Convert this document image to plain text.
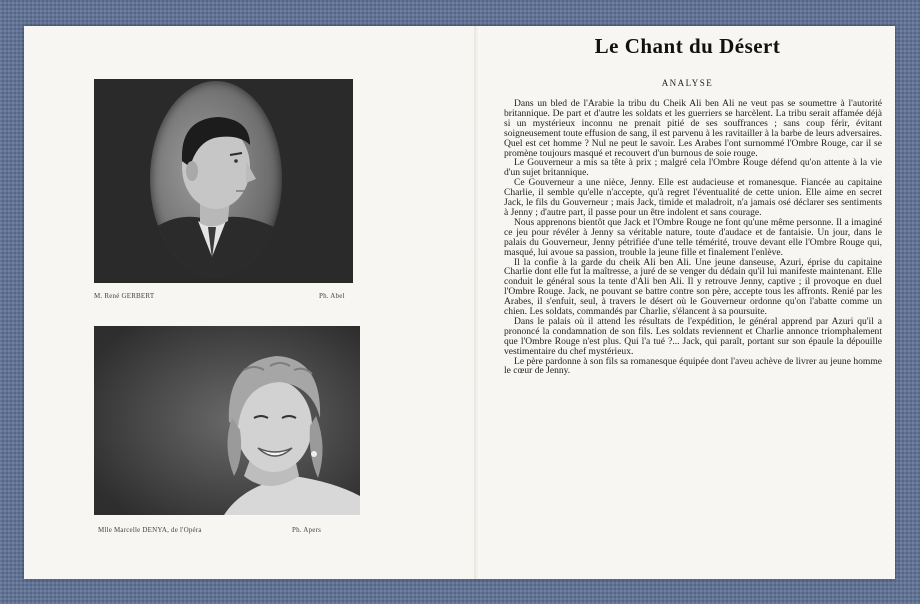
M. René GERBERT	Ph. Abel
Mlle Marcelle DENYA, de l'Opéra	Ph. Apers
Le Chant du Désert
ANALYSE

Dans un bled de l'Arabie la tribu du Cheik Ali ben Ali ne veut pas se soumettre à l'autorité britannique. De part et d'autre les soldats et les guerriers se harcèlent. La tribu serait affamée déjà si un mystérieux inconnu ne prenait pitié de ses souffrances ; sans coup férir, évitant soigneusement toute effusion de sang, il est parvenu à les ravitailler à la barbe de leurs adversaires. Quel est cet homme ? Nul ne peut le savoir. Les Arabes l'ont surnommé l'Ombre Rouge, car il se promène toujours masqué et recouvert d'un burnous de soie rouge.

Le Gouverneur a mis sa tête à prix ; malgré cela l'Ombre Rouge défend qu'on attente à la vie d'un sujet britannique.

Ce Gouverneur a une nièce, Jenny. Elle est audacieuse et romanesque. Fiancée au capitaine Charlie, il semble qu'elle n'accepte, qu'à regret l'éventualité de cette union. Elle aime en secret Jack, le fils du Gouverneur ; mais Jack, timide et maladroit, n'a jamais osé déclarer ses sentiments à Jenny ; d'autre part, il passe pour un être indolent et sans courage.

Nous apprenons bientôt que Jack et l'Ombre Rouge ne font qu'une même personne. Il a imaginé ce jeu pour révéler à Jenny sa véritable nature, toute d'audace et de fantaisie. Un jour, dans le palais du Gouverneur, Jenny pétrifiée d'une telle témérité, trouve devant elle l'Ombre Rouge qui, masqué, lui avoue sa passion, trouble la jeune fille et finalement l'enlève.

Il la confie à la garde du cheik Ali ben Ali. Une jeune danseuse, Azuri, éprise du capitaine Charlie dont elle fut la maîtresse, a juré de se venger du dédain qu'il lui manifeste maintenant. Elle conduit le général sous la tente d'Ali ben Ali. Il y retrouve Jenny, captive ; il provoque en duel l'Ombre Rouge. Jack, ne pouvant se battre contre son père, accepte tous les affronts. Renié par les Arabes, il s'enfuit, seul, à travers le désert où le Gouverneur ordonne qu'on l'abatte comme un chien. Les soldats, commandés par Charlie, s'élancent à sa poursuite.

Dans le palais où il attend les résultats de l'expédition, le général apprend par Azuri qu'il a prononcé la condamnation de son fils. Les soldats reviennent et Charlie annonce triomphalement que l'Ombre Rouge n'est plus. Qui l'a tué ?... Jack, qui paraît, portant sur son épaule la dépouille vestimentaire du chef mystérieux.

Le père pardonne à son fils sa romanesque équipée dont l'aveu achève de livrer au jeune homme le cœur de Jenny.
